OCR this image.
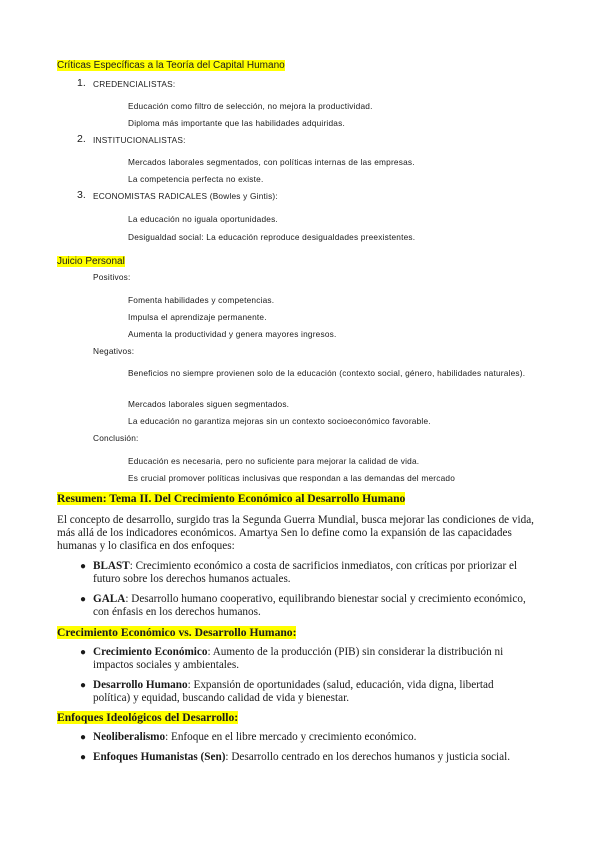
Críticas Específicas a la Teoría del Capital Humano
1. CREDENCIALISTAS:
Educación como filtro de selección, no mejora la productividad.
Diploma más importante que las habilidades adquiridas.
2. INSTITUCIONALISTAS:
Mercados laborales segmentados, con políticas internas de las empresas.
La competencia perfecta no existe.
3. ECONOMISTAS RADICALES (Bowles y Gintis):
La educación no iguala oportunidades.
Desigualdad social: La educación reproduce desigualdades preexistentes.
Juicio Personal
Positivos:
Fomenta habilidades y competencias.
Impulsa el aprendizaje permanente.
Aumenta la productividad y genera mayores ingresos.
Negativos:
Beneficios no siempre provienen solo de la educación (contexto social, género, habilidades naturales).
Mercados laborales siguen segmentados.
La educación no garantiza mejoras sin un contexto socioeconómico favorable.
Conclusión:
Educación es necesaria, pero no suficiente para mejorar la calidad de vida.
Es crucial promover políticas inclusivas que respondan a las demandas del mercado
Resumen: Tema II. Del Crecimiento Económico al Desarrollo Humano
El concepto de desarrollo, surgido tras la Segunda Guerra Mundial, busca mejorar las condiciones de vida, más allá de los indicadores económicos. Amartya Sen lo define como la expansión de las capacidades humanas y lo clasifica en dos enfoques:
● BLAST: Crecimiento económico a costa de sacrificios inmediatos, con críticas por priorizar el futuro sobre los derechos humanos actuales.
● GALA: Desarrollo humano cooperativo, equilibrando bienestar social y crecimiento económico, con énfasis en los derechos humanos.
Crecimiento Económico vs. Desarrollo Humano:
● Crecimiento Económico: Aumento de la producción (PIB) sin considerar la distribución ni impactos sociales y ambientales.
● Desarrollo Humano: Expansión de oportunidades (salud, educación, vida digna, libertad política) y equidad, buscando calidad de vida y bienestar.
Enfoques Ideológicos del Desarrollo:
● Neoliberalismo: Enfoque en el libre mercado y crecimiento económico.
● Enfoques Humanistas (Sen): Desarrollo centrado en los derechos humanos y justicia social.
